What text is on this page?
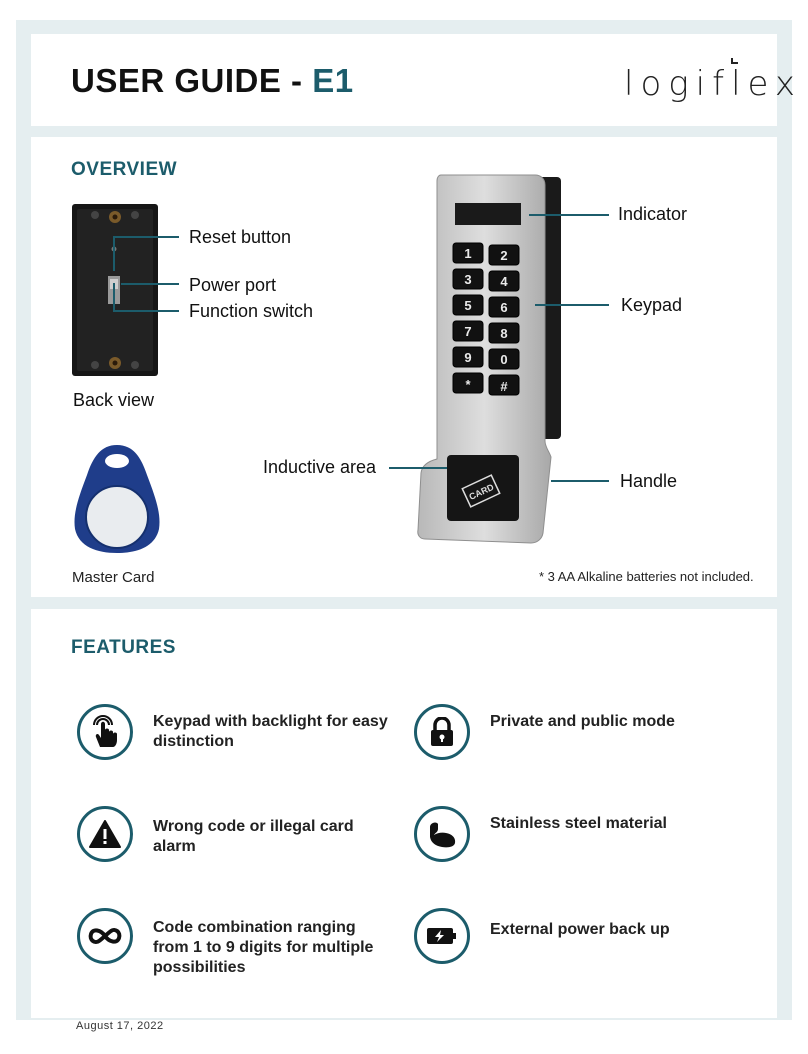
USER GUIDE - E1	logiflex
OVERVIEW
Reset button
Power port
Function switch
Back view
Master Card
1 2
3 4
5 6
7 8
9 0
* #
CARD
Indicator
Keypad
Inductive area
Handle
* 3 AA Alkaline batteries not included.
FEATURES
Keypad with backlight for easy distinction
Private and public mode
Wrong code or illegal card alarm
Stainless steel material
Code combination ranging from 1 to 9 digits for multiple possibilities
External power back up
August 17, 2022
